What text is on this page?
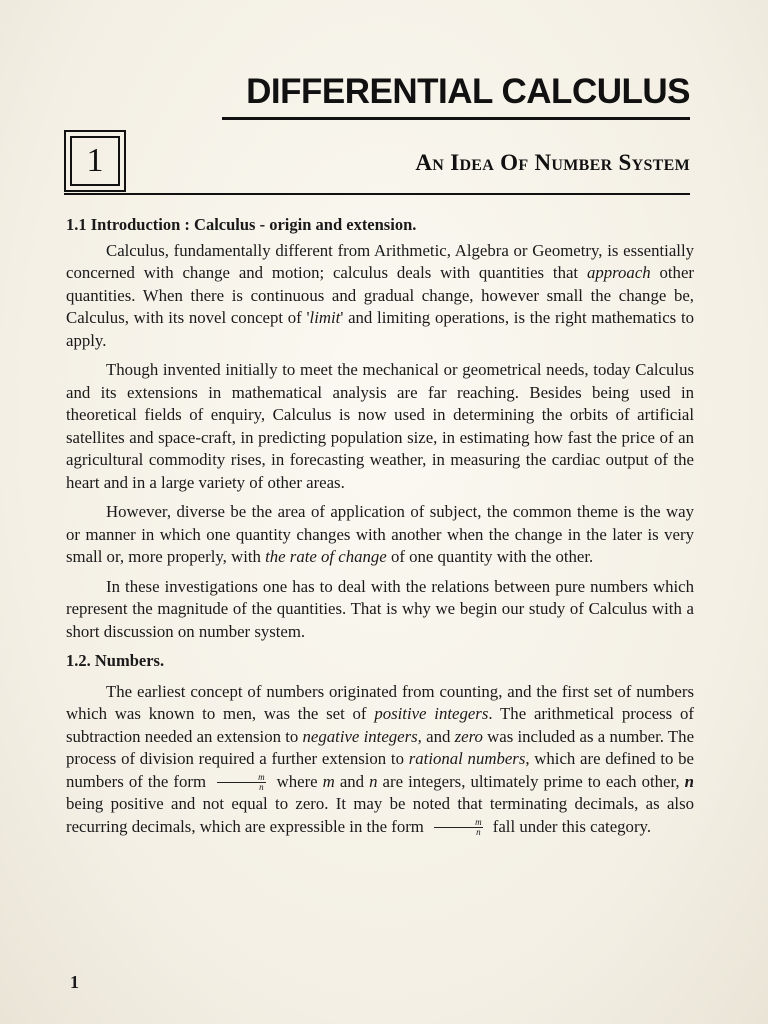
DIFFERENTIAL CALCULUS
1	An Idea Of Number System
1.1 Introduction : Calculus - origin and extension.

Calculus, fundamentally different from Arithmetic, Algebra or Geometry, is essentially concerned with change and motion; calculus deals with quantities that approach other quantities. When there is continuous and gradual change, however small the change be, Calculus, with its novel concept of 'limit' and limiting operations, is the right mathematics to apply.

Though invented initially to meet the mechanical or geometrical needs, today Calculus and its extensions in mathematical analysis are far reaching. Besides being used in theoretical fields of enquiry, Calculus is now used in determining the orbits of artificial satellites and space-craft, in predicting population size, in estimating how fast the price of an agricultural commodity rises, in forecasting weather, in measuring the cardiac output of the heart and in a large variety of other areas.

However, diverse be the area of application of subject, the common theme is the way or manner in which one quantity changes with another when the change in the later is very small or, more properly, with the rate of change of one quantity with the other.

In these investigations one has to deal with the relations between pure numbers which represent the magnitude of the quantities. That is why we begin our study of Calculus with a short discussion on number system.

1.2. Numbers.

The earliest concept of numbers originated from counting, and the first set of numbers which was known to men, was the set of positive integers. The arithmetical process of subtraction needed an extension to negative integers, and zero was included as a number. The process of division required a further extension to rational numbers, which are defined to be numbers of the form $\frac{m}{n}$ where m and n are integers, ultimately prime to each other, n being positive and not equal to zero. It may be noted that terminating decimals, as also recurring decimals, which are expressible in the form $\frac{m}{n}$ fall under this category.

1
